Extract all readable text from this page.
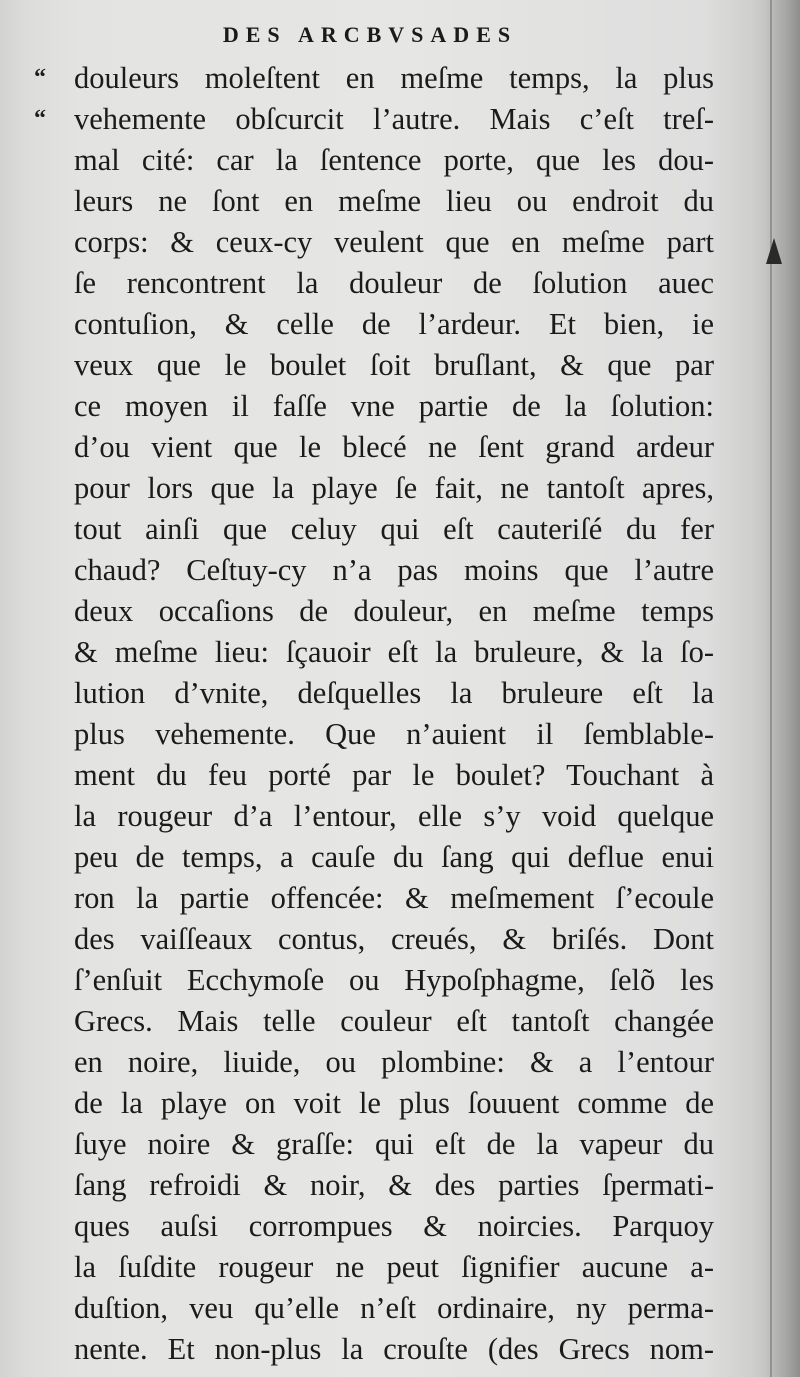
DES ARCBVSADES
“ douleurs moleſtent en meſme temps, la plus
“ vehemente obſcurcit l’autre. Mais c’eſt treſ-
mal cité: car la ſentence porte, que les dou-
leurs ne ſont en meſme lieu ou endroit du
corps: & ceux-cy veulent que en meſme part
ſe rencontrent la douleur de ſolution auec
contuſion, & celle de l’ardeur. Et bien, ie
veux que le boulet ſoit bruſlant, & que par
ce moyen il faſſe vne partie de la ſolution:
d’ou vient que le blecé ne ſent grand ardeur
pour lors que la playe ſe fait, ne tantoſt apres,
tout ainſi que celuy qui eſt cauteriſé du fer
chaud? Ceſtuy-cy n’a pas moins que l’autre
deux occaſions de douleur, en meſme temps
& meſme lieu: ſçauoir eſt la bruleure, & la ſo-
lution d’vnite, deſquelles la bruleure eſt la
plus vehemente. Que n’auient il ſemblable-
ment du feu porté par le boulet? Touchant à
la rougeur d’a l’entour, elle s’y void quelque
peu de temps, a cauſe du ſang qui deflue enui
ron la partie offencée: & meſmement ſ’ecoule
des vaiſſeaux contus, creués, & briſés. Dont
ſ’enſuit Ecchymoſe ou Hypoſphagme, ſelõ les
Grecs. Mais telle couleur eſt tantoſt changée
en noire, liuide, ou plombine: & a l’entour
de la playe on voit le plus ſouuent comme de
ſuye noire & graſſe: qui eſt de la vapeur du
ſang refroidi & noir, & des parties ſpermati-
ques auſsi corrompues & noircies. Parquoy
la ſuſdite rougeur ne peut ſignifier aucune a-
duſtion, veu qu’elle n’eſt ordinaire, ny perma-
nente. Et non-plus la crouſte (des Grecs nom-
